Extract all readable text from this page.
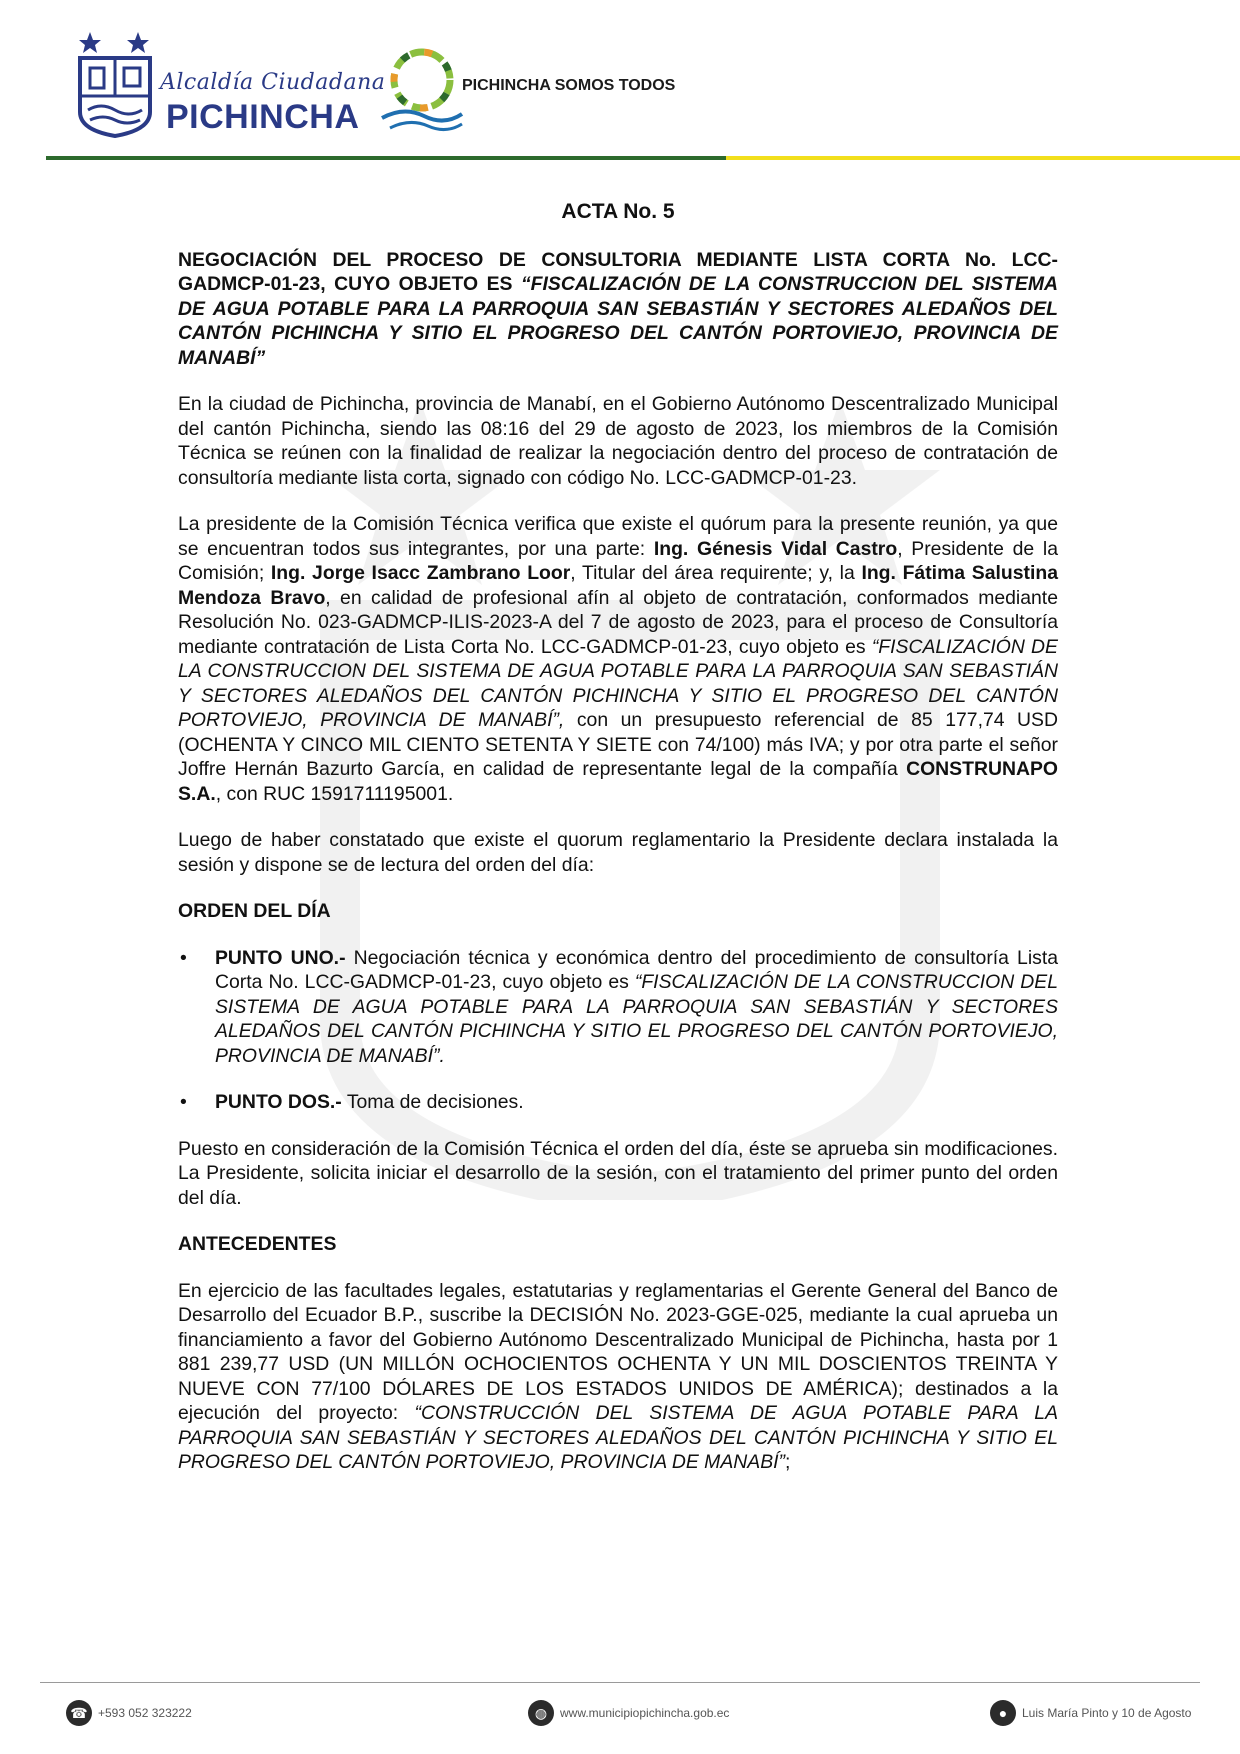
Alcaldía Ciudadana
PICHINCHA
PICHINCHA SOMOS TODOS
ACTA No. 5
NEGOCIACIÓN DEL PROCESO DE CONSULTORIA MEDIANTE LISTA CORTA No. LCC-GADMCP-01-23, CUYO OBJETO ES “FISCALIZACIÓN DE LA CONSTRUCCION DEL SISTEMA DE AGUA POTABLE PARA LA PARROQUIA SAN SEBASTIÁN Y SECTORES ALEDAÑOS DEL CANTÓN PICHINCHA Y SITIO EL PROGRESO DEL CANTÓN PORTOVIEJO, PROVINCIA DE MANABÍ”

En la ciudad de Pichincha, provincia de Manabí, en el Gobierno Autónomo Descentralizado Municipal del cantón Pichincha, siendo las 08:16 del 29 de agosto de 2023, los miembros de la Comisión Técnica se reúnen con la finalidad de realizar la negociación dentro del proceso de contratación de consultoría mediante lista corta, signado con código No. LCC-GADMCP-01-23.

La presidente de la Comisión Técnica verifica que existe el quórum para la presente reunión, ya que se encuentran todos sus integrantes, por una parte: Ing. Génesis Vidal Castro, Presidente de la Comisión; Ing. Jorge Isacc Zambrano Loor, Titular del área requirente; y, la Ing. Fátima Salustina Mendoza Bravo, en calidad de profesional afín al objeto de contratación, conformados mediante Resolución No. 023-GADMCP-ILIS-2023-A del 7 de agosto de 2023, para el proceso de Consultoría mediante contratación de Lista Corta No. LCC-GADMCP-01-23, cuyo objeto es “FISCALIZACIÓN DE LA CONSTRUCCION DEL SISTEMA DE AGUA POTABLE PARA LA PARROQUIA SAN SEBASTIÁN Y SECTORES ALEDAÑOS DEL CANTÓN PICHINCHA Y SITIO EL PROGRESO DEL CANTÓN PORTOVIEJO, PROVINCIA DE MANABÍ”, con un presupuesto referencial de 85 177,74 USD (OCHENTA Y CINCO MIL CIENTO SETENTA Y SIETE con 74/100) más IVA; y por otra parte el señor Joffre Hernán Bazurto García, en calidad de representante legal de la compañía CONSTRUNAPO S.A., con RUC 1591711195001.

Luego de haber constatado que existe el quorum reglamentario la Presidente declara instalada la sesión y dispone se de lectura del orden del día:

ORDEN DEL DÍA
• PUNTO UNO.- Negociación técnica y económica dentro del procedimiento de consultoría Lista Corta No. LCC-GADMCP-01-23, cuyo objeto es “FISCALIZACIÓN DE LA CONSTRUCCION DEL SISTEMA DE AGUA POTABLE PARA LA PARROQUIA SAN SEBASTIÁN Y SECTORES ALEDAÑOS DEL CANTÓN PICHINCHA Y SITIO EL PROGRESO DEL CANTÓN PORTOVIEJO, PROVINCIA DE MANABÍ”.
• PUNTO DOS.- Toma de decisiones.

Puesto en consideración de la Comisión Técnica el orden del día, éste se aprueba sin modificaciones. La Presidente, solicita iniciar el desarrollo de la sesión, con el tratamiento del primer punto del orden del día.

ANTECEDENTES

En ejercicio de las facultades legales, estatutarias y reglamentarias el Gerente General del Banco de Desarrollo del Ecuador B.P., suscribe la DECISIÓN No. 2023-GGE-025, mediante la cual aprueba un financiamiento a favor del Gobierno Autónomo Descentralizado Municipal de Pichincha, hasta por 1 881 239,77 USD (UN MILLÓN OCHOCIENTOS OCHENTA Y UN MIL DOSCIENTOS TREINTA Y NUEVE CON 77/100 DÓLARES DE LOS ESTADOS UNIDOS DE AMÉRICA); destinados a la ejecución del proyecto: “CONSTRUCCIÓN DEL SISTEMA DE AGUA POTABLE PARA LA PARROQUIA SAN SEBASTIÁN Y SECTORES ALEDAÑOS DEL CANTÓN PICHINCHA Y SITIO EL PROGRESO DEL CANTÓN PORTOVIEJO, PROVINCIA DE MANABÍ”;

☎ +593 052 323222	◍	www.municipiopichincha.gob.ec	●	Luis María Pinto y 10 de Agosto
